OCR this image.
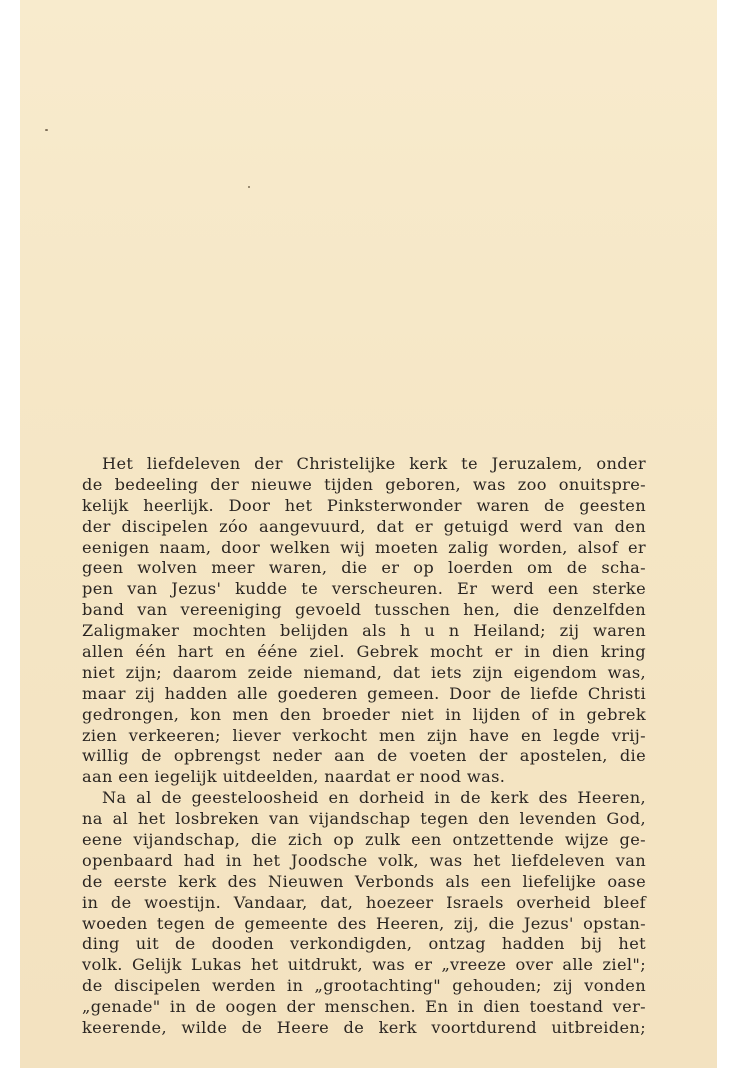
Het liefdeleven der Christelijke kerk te Jeruzalem, onder
de bedeeling der nieuwe tijden geboren, was zoo onuitspre-
kelijk heerlijk. Door het Pinksterwonder waren de geesten
der discipelen zóo aangevuurd, dat er getuigd werd van den
eenigen naam, door welken wij moeten zalig worden, alsof er
geen wolven meer waren, die er op loerden om de scha-
pen van Jezus' kudde te verscheuren. Er werd een sterke
band van vereeniging gevoeld tusschen hen, die denzelfden
Zaligmaker mochten belijden als h u n Heiland; zij waren
allen één hart en ééne ziel. Gebrek mocht er in dien kring
niet zijn; daarom zeide niemand, dat iets zijn eigendom was,
maar zij hadden alle goederen gemeen. Door de liefde Christi
gedrongen, kon men den broeder niet in lijden of in gebrek
zien verkeeren; liever verkocht men zijn have en legde vrij-
willig de opbrengst neder aan de voeten der apostelen, die
aan een iegelijk uitdeelden, naardat er nood was.
Na al de geesteloosheid en dorheid in de kerk des Heeren,
na al het losbreken van vijandschap tegen den levenden God,
eene vijandschap, die zich op zulk een ontzettende wijze ge-
openbaard had in het Joodsche volk, was het liefdeleven van
de eerste kerk des Nieuwen Verbonds als een liefelijke oase
in de woestijn. Vandaar, dat, hoezeer Israels overheid bleef
woeden tegen de gemeente des Heeren, zij, die Jezus' opstan-
ding uit de dooden verkondigden, ontzag hadden bij het
volk. Gelijk Lukas het uitdrukt, was er „vreeze over alle ziel";
de discipelen werden in „grootachting" gehouden; zij vonden
„genade" in de oogen der menschen. En in dien toestand ver-
keerende, wilde de Heere de kerk voortdurend uitbreiden;
